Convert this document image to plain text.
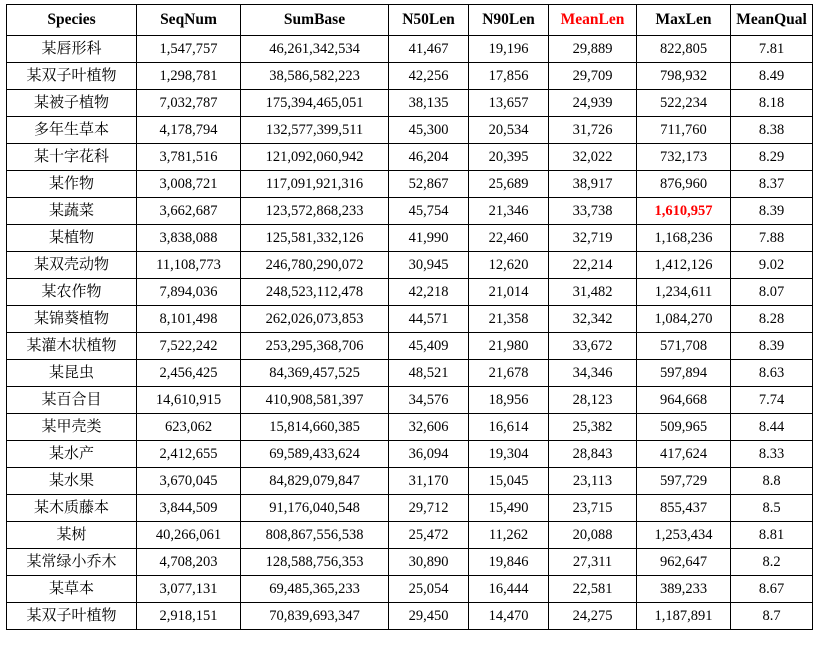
Species	SeqNum	SumBase	N50Len	N90Len	MeanLen	MaxLen	MeanQual
某唇形科	1,547,757	46,261,342,534	41,467	19,196	29,889	822,805	7.81
某双子叶植物	1,298,781	38,586,582,223	42,256	17,856	29,709	798,932	8.49
某被子植物	7,032,787	175,394,465,051	38,135	13,657	24,939	522,234	8.18
多年生草本	4,178,794	132,577,399,511	45,300	20,534	31,726	711,760	8.38
某十字花科	3,781,516	121,092,060,942	46,204	20,395	32,022	732,173	8.29
某作物	3,008,721	117,091,921,316	52,867	25,689	38,917	876,960	8.37
某蔬菜	3,662,687	123,572,868,233	45,754	21,346	33,738	1,610,957	8.39
某植物	3,838,088	125,581,332,126	41,990	22,460	32,719	1,168,236	7.88
某双壳动物	11,108,773	246,780,290,072	30,945	12,620	22,214	1,412,126	9.02
某农作物	7,894,036	248,523,112,478	42,218	21,014	31,482	1,234,611	8.07
某锦葵植物	8,101,498	262,026,073,853	44,571	21,358	32,342	1,084,270	8.28
某灌木状植物	7,522,242	253,295,368,706	45,409	21,980	33,672	571,708	8.39
某昆虫	2,456,425	84,369,457,525	48,521	21,678	34,346	597,894	8.63
某百合目	14,610,915	410,908,581,397	34,576	18,956	28,123	964,668	7.74
某甲壳类	623,062	15,814,660,385	32,606	16,614	25,382	509,965	8.44
某水产	2,412,655	69,589,433,624	36,094	19,304	28,843	417,624	8.33
某水果	3,670,045	84,829,079,847	31,170	15,045	23,113	597,729	8.8
某木质藤本	3,844,509	91,176,040,548	29,712	15,490	23,715	855,437	8.5
某树	40,266,061	808,867,556,538	25,472	11,262	20,088	1,253,434	8.81
某常绿小乔木	4,708,203	128,588,756,353	30,890	19,846	27,311	962,647	8.2
某草本	3,077,131	69,485,365,233	25,054	16,444	22,581	389,233	8.67
某双子叶植物	2,918,151	70,839,693,347	29,450	14,470	24,275	1,187,891	8.7
